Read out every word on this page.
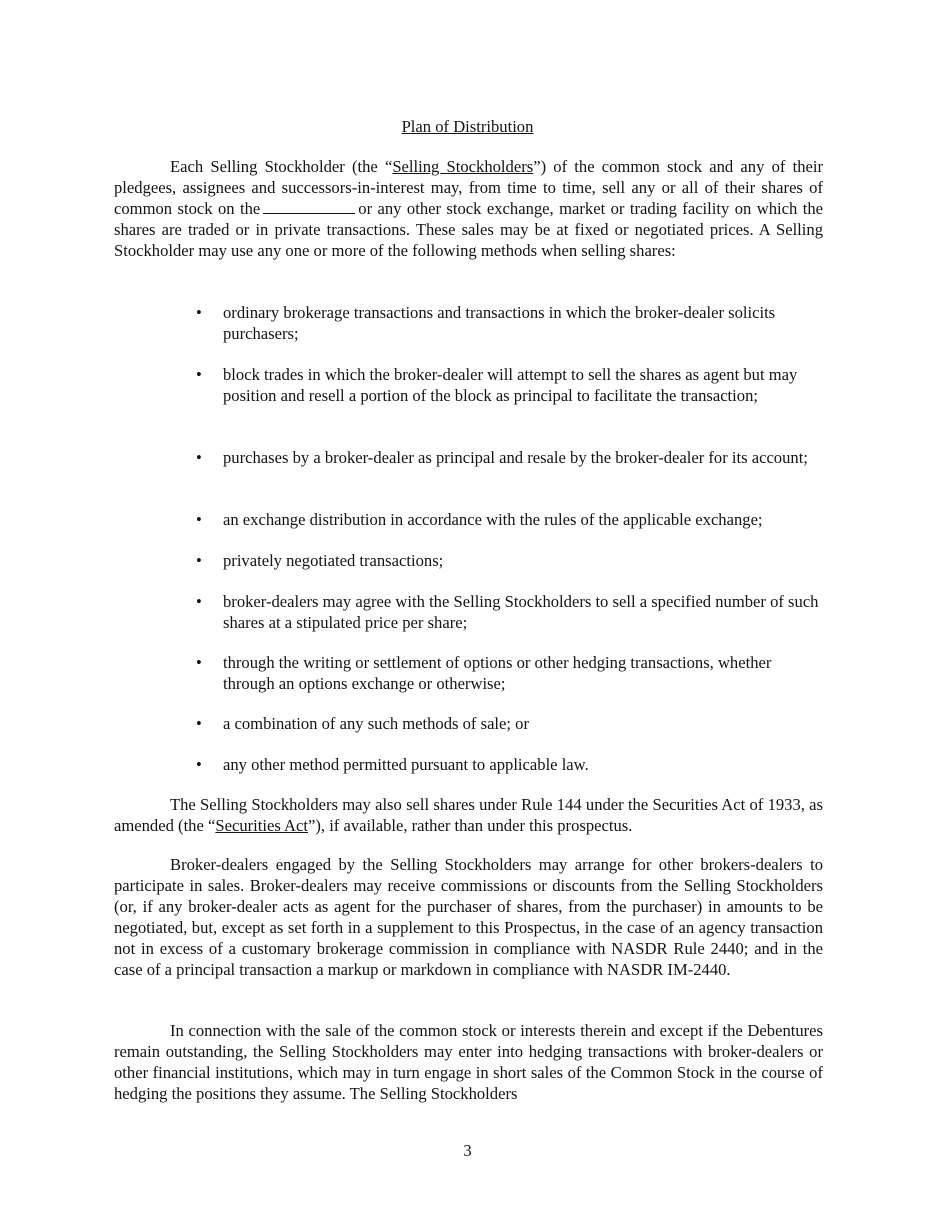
Plan of Distribution

Each Selling Stockholder (the “Selling Stockholders”) of the common stock and any of their pledgees, assignees and successors-in-interest may, from time to time, sell any or all of their shares of common stock on the	or any other stock exchange, market or trading facility on which the shares are traded or in private transactions. These sales may be at fixed or negotiated prices. A Selling Stockholder may use any one or more of the following methods when selling shares:

• ordinary brokerage transactions and transactions in which the broker-dealer solicits purchasers;
• block trades in which the broker-dealer will attempt to sell the shares as agent but may position and resell a portion of the block as principal to facilitate the transaction;
• purchases by a broker-dealer as principal and resale by the broker-dealer for its account;
• an exchange distribution in accordance with the rules of the applicable exchange;
• privately negotiated transactions;
• broker-dealers may agree with the Selling Stockholders to sell a specified number of such shares at a stipulated price per share;
• through the writing or settlement of options or other hedging transactions, whether through an options exchange or otherwise;
• a combination of any such methods of sale; or
• any other method permitted pursuant to applicable law.

The Selling Stockholders may also sell shares under Rule 144 under the Securities Act of 1933, as amended (the “Securities Act”), if available, rather than under this prospectus.

Broker-dealers engaged by the Selling Stockholders may arrange for other brokers-dealers to participate in sales. Broker-dealers may receive commissions or discounts from the Selling Stockholders (or, if any broker-dealer acts as agent for the purchaser of shares, from the purchaser) in amounts to be negotiated, but, except as set forth in a supplement to this Prospectus, in the case of an agency transaction not in excess of a customary brokerage commission in compliance with NASDR Rule 2440; and in the case of a principal transaction a markup or markdown in compliance with NASDR IM-2440.

In connection with the sale of the common stock or interests therein and except if the Debentures remain outstanding, the Selling Stockholders may enter into hedging transactions with broker-dealers or other financial institutions, which may in turn engage in short sales of the Common Stock in the course of hedging the positions they assume. The Selling Stockholders

3
